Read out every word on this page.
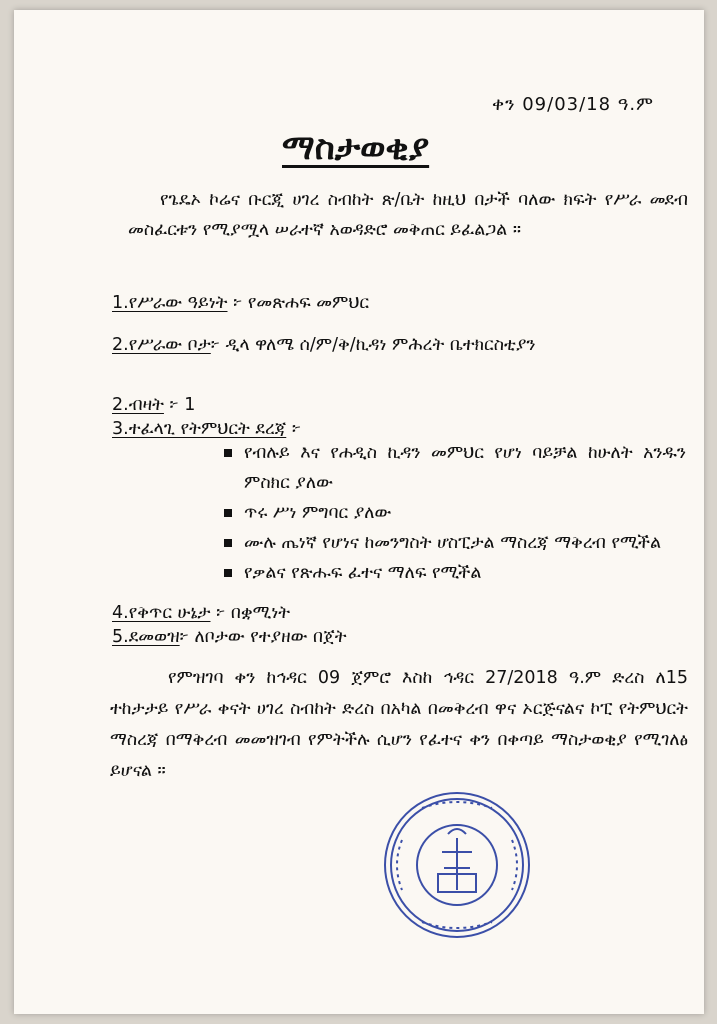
ቀን 09/03/18 ዓ.ም
ማስታወቂያ
የጌዴኦ ኮሬና ቡርጂ ሀገረ ስብከት ጽ/ቤት ከዚህ በታች ባለው ክፍት የሥራ መደብ መስፈርቱን የሚያሟላ ሠራተኛ አወዳድሮ መቅጠር ይፈልጋል ።
1.የሥራው ዓይነት ፦ የመጽሐፍ መምህር
2.የሥራው ቦታ፦ ዲላ ዋለሜ ሰ/ም/ቅ/ኪዳነ ምሕረት ቤተክርስቲያን
2.ብዛት ፦ 1
3.ተፈላጊ የትምህርት ደረጃ ፦
የብሉይ እና የሐዲስ ኪዳን መምህር የሆነ ባይቻል ከሁለት አንዱን ምስክር ያለው
ጥሩ ሥነ ምግባር ያለው
ሙሉ ጤነኛ የሆነና ከመንግስት ሆስፒታል ማስረጃ ማቅረብ የሚችል
የቃልና የጽሑፍ ፈተና ማለፍ የሚችል
4.የቅጥር ሁኔታ ፦ በቋሚነት
5.ደመወዝ፦ ለቦታው የተያዘው በጀት
የምዝገባ ቀን ከኅዳር 09 ጀምሮ እስከ ኅዳር 27/2018 ዓ.ም ድረስ ለ15 ተከታታይ የሥራ ቀናት ሀገረ ስብከት ድረስ በአካል በመቅረብ ዋና ኦርጅናልና ኮፒ የትምህርት ማስረጃ በማቅረብ መመዝገብ የምትችሉ ሲሆን የፈተና ቀን በቀጣይ ማስታወቂያ የሚገለፅ ይሆናል ።
